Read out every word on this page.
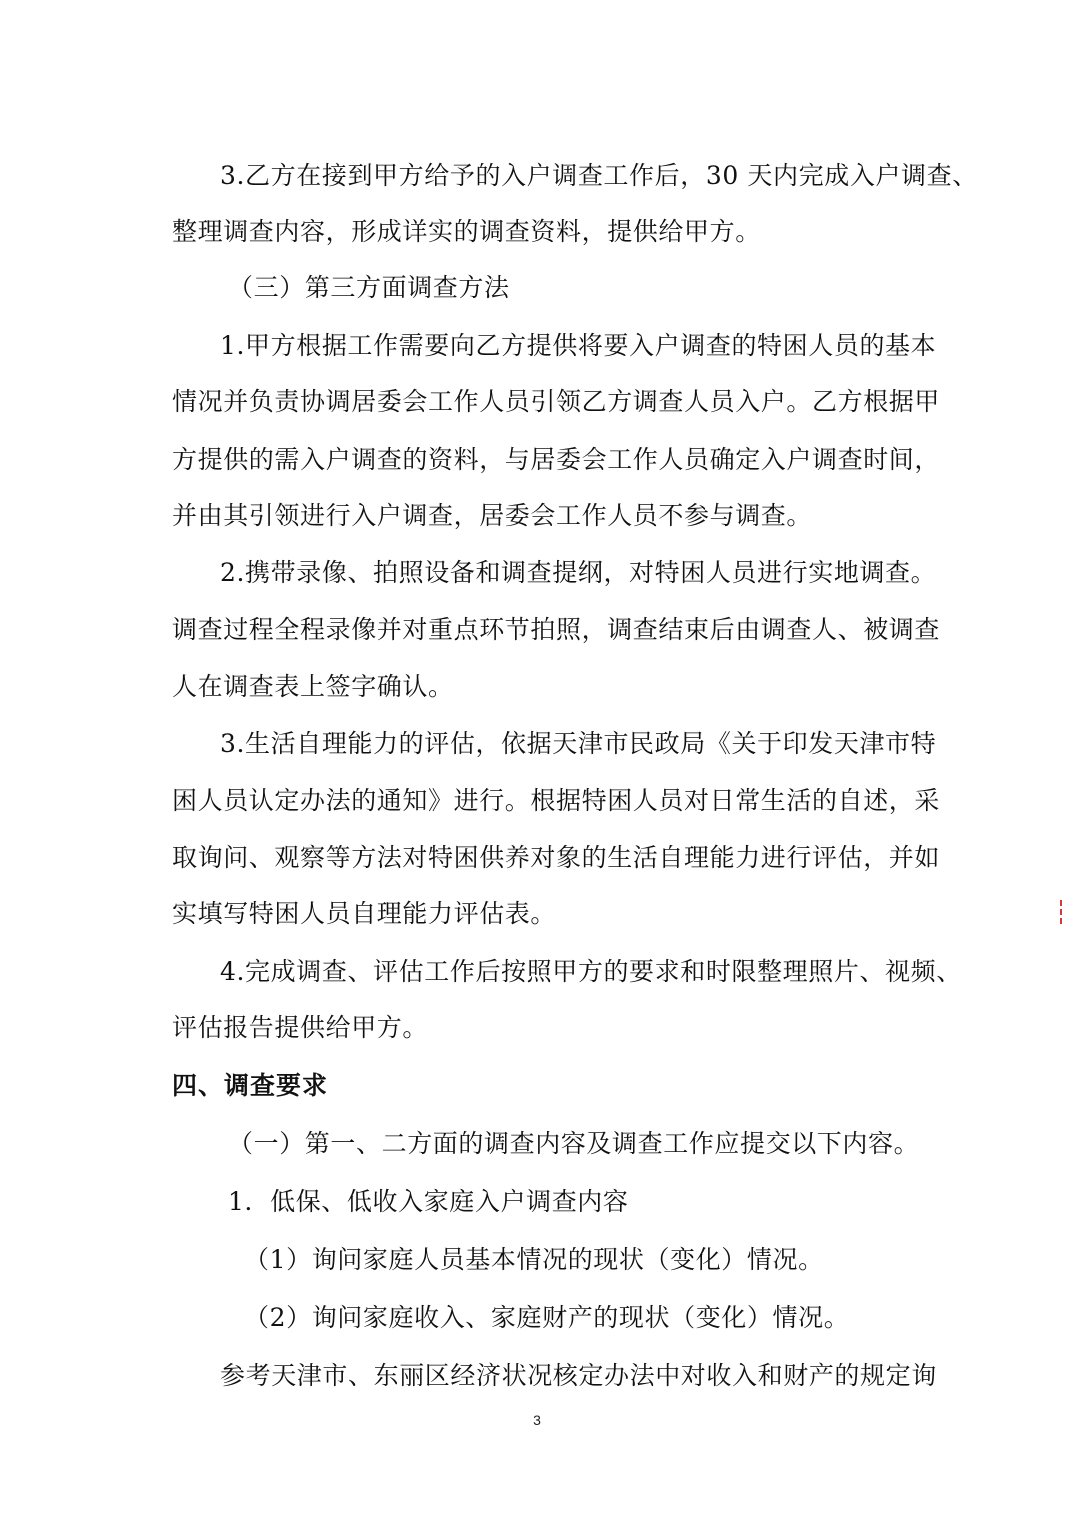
3.乙方在接到甲方给予的入户调查工作后，30 天内完成入户调查、
整理调查内容，形成详实的调查资料，提供给甲方。
（三）第三方面调查方法
1.甲方根据工作需要向乙方提供将要入户调查的特困人员的基本
情况并负责协调居委会工作人员引领乙方调查人员入户。乙方根据甲
方提供的需入户调查的资料，与居委会工作人员确定入户调查时间，
并由其引领进行入户调查，居委会工作人员不参与调查。
2.携带录像、拍照设备和调查提纲，对特困人员进行实地调查。
调查过程全程录像并对重点环节拍照，调查结束后由调查人、被调查
人在调查表上签字确认。
3.生活自理能力的评估，依据天津市民政局《关于印发天津市特
困人员认定办法的通知》进行。根据特困人员对日常生活的自述，采
取询问、观察等方法对特困供养对象的生活自理能力进行评估，并如
实填写特困人员自理能力评估表。
4.完成调查、评估工作后按照甲方的要求和时限整理照片、视频、
评估报告提供给甲方。
四、调查要求
（一）第一、二方面的调查内容及调查工作应提交以下内容。
1．低保、低收入家庭入户调查内容
（1）询问家庭人员基本情况的现状（变化）情况。
（2）询问家庭收入、家庭财产的现状（变化）情况。
参考天津市、东丽区经济状况核定办法中对收入和财产的规定询
3
